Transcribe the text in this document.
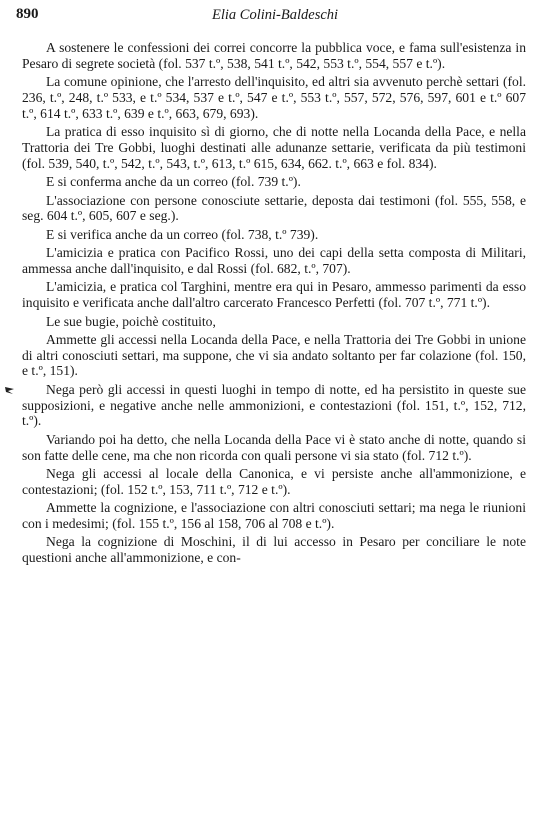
890	Elia Colini-Baldeschi

A sostenere le confessioni dei correi concorre la pubblica voce, e fama sull'esistenza in Pesaro di segrete società (fol. 537 t.º, 538, 541 t.º, 542, 553 t.º, 554, 557 e t.º).

La comune opinione, che l'arresto dell'inquisito, ed altri sia avvenuto perchè settari (fol. 236, t.º, 248, t.º 533, e t.º 534, 537 e t.º, 547 e t.º, 553 t.º, 557, 572, 576, 597, 601 e t.º 607 t.º, 614 t.º, 633 t.º, 639 e t.º, 663, 679, 693).

La pratica di esso inquisito sì di giorno, che di notte nella Locanda della Pace, e nella Trattoria dei Tre Gobbi, luoghi destinati alle adunanze settarie, verificata da più testimoni (fol. 539, 540, t.º, 542, t.º, 543, t.º, 613, t.º 615, 634, 662. t.º, 663 e fol. 834).

E si conferma anche da un correo (fol. 739 t.º).

L'associazione con persone conosciute settarie, deposta dai testimoni (fol. 555, 558, e seg. 604 t.º, 605, 607 e seg.).

E si verifica anche da un correo (fol. 738, t.º 739).

L'amicizia e pratica con Pacifico Rossi, uno dei capi della setta composta di Militari, ammessa anche dall'inquisito, e dal Rossi (fol. 682, t.º, 707).

L'amicizia, e pratica col Targhini, mentre era qui in Pesaro, ammesso parimenti da esso inquisito e verificata anche dall'altro carcerato Francesco Perfetti (fol. 707 t.º, 771 t.º).

Le sue bugie, poichè costituito,

Ammette gli accessi nella Locanda della Pace, e nella Trattoria dei Tre Gobbi in unione di altri conosciuti settari, ma suppone, che vi sia andato soltanto per far colazione (fol. 150, e t.º, 151).

Nega però gli accessi in questi luoghi in tempo di notte, ed ha persistito in queste sue supposizioni, e negative anche nelle ammonizioni, e contestazioni (fol. 151, t.º, 152, 712, t.º).

Variando poi ha detto, che nella Locanda della Pace vi è stato anche di notte, quando si son fatte delle cene, ma che non ricorda con quali persone vi sia stato (fol. 712 t.º).

Nega gli accessi al locale della Canonica, e vi persiste anche all'ammonizione, e contestazioni; (fol. 152 t.º, 153, 711 t.º, 712 e t.º).

Ammette la cognizione, e l'associazione con altri conosciuti settari; ma nega le riunioni con i medesimi; (fol. 155 t.º, 156 al 158, 706 al 708 e t.º).

Nega la cognizione di Moschini, il di lui accesso in Pesaro per conciliare le note questioni anche all'ammonizione, e con-
